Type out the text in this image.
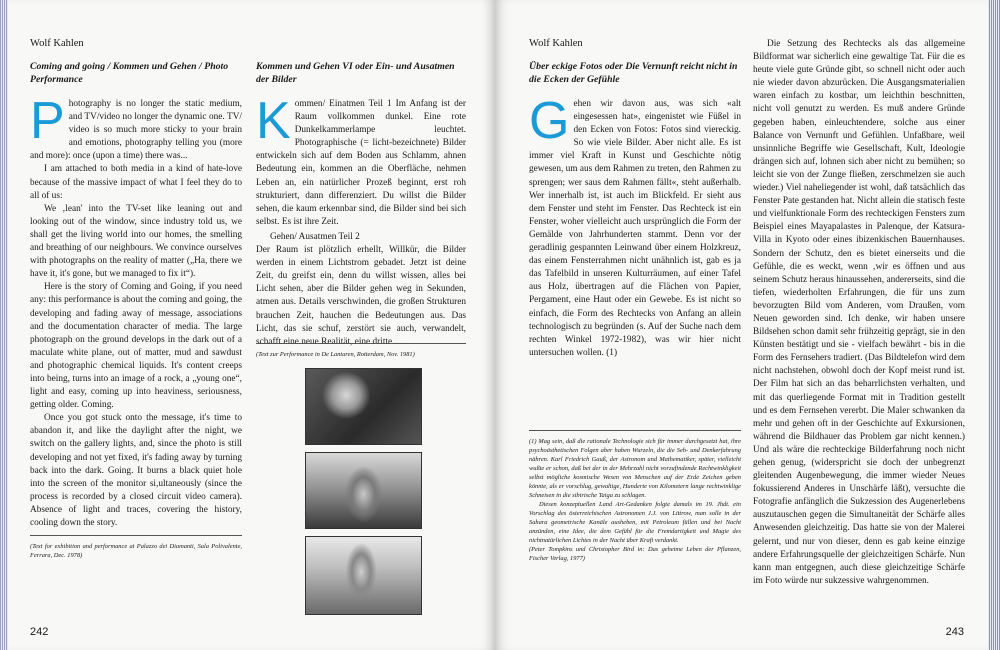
Wolf Kahlen

Coming and going / Kommen und Gehen / Photo Performance

P hotography is no longer the static medium, and TV/video no longer the dynamic one. TV/ video is so much more sticky to your brain and emotions, photography telling you (more and more): once (upon a time) there was...

I am attached to both media in a kind of hate-love because of the massive impact of what I feel they do to all of us:

We ‚lean' into the TV-set like leaning out and looking out of the window, since industry told us, we shall get the living world into our homes, the smelling and breathing of our neighbours. We convince ourselves with photographs on the reality of matter („Ha, there we have it, it's gone, but we managed to fix it“).

Here is the story of Coming and Going, if you need any: this performance is about the coming and going, the developing and fading away of message, associations and the documentation character of media. The large photograph on the ground develops in the dark out of a maculate white plane, out of matter, mud and sawdust and photographic chemical liquids. It's content creeps into being, turns into an image of a rock, a „young one“, light and easy, coming up into heaviness, seriousness, getting older. Coming.

Once you got stuck onto the message, it's time to abandon it, and like the daylight after the night, we switch on the gallery lights, and, since the photo is still developing and not yet fixed, it's fading away by turning back into the dark. Going. It burns a black quiet hole into the screen of the monitor si,ultaneously (since the process is recorded by a closed circuit video camera). Absence of light and traces, covering the history, cooling down the story.

(Text for exhibition and performance at Palazzo dei Diamanti, Sala Polivalente, Ferrara, Dec. 1978)

Kommen und Gehen VI oder Ein- und Ausatmen der Bilder

K ommen/ Einatmen Teil 1 Im Anfang ist der Raum vollkommen dunkel. Eine rote Dunkelkammerlampe leuchtet. Photographische (= licht-bezeichnete) Bilder entwickeln sich auf dem Boden aus Schlamm, ahnen Bedeutung ein, kommen an die Oberfläche, nehmen Leben an, ein natürlicher Prozeß beginnt, erst roh strukturiert, dann differenziert. Du willst die Bilder sehen, die kaum erkennbar sind, die Bilder sind bei sich selbst. Es ist ihre Zeit.

Gehen/ Ausatmen Teil 2

Der Raum ist plötzlich erhellt, Willkür, die Bilder werden in einem Lichtstrom gebadet. Jetzt ist deine Zeit, du greifst ein, denn du willst wissen, alles bei Licht sehen, aber die Bilder gehen weg in Sekunden, atmen aus. Details verschwinden, die großen Strukturen brauchen Zeit, hauchen die Bedeutungen aus. Das Licht, das sie schuf, zerstört sie auch, verwandelt, schafft eine neue Realität, eine dritte ...

(Text zur Performance in De Lantaren, Rotterdam, Nov. 1981)

242
Wolf Kahlen

Über eckige Fotos oder Die Vernunft reicht nicht in die Ecken der Gefühle

G ehen wir davon aus, was sich «alt eingesessen hat», eingenistet wie Füßel in den Ecken von Fotos: Fotos sind viereckig. So wie viele Bilder. Aber nicht alle. Es ist immer viel Kraft in Kunst und Geschichte nötig gewesen, um aus dem Rahmen zu treten, den Rahmen zu sprengen; wer saus dem Rahmen fällt«, steht außerhalb. Wer innerhalb ist, ist auch im Blickfeld. Er sieht aus dem Fenster und steht im Fenster. Das Rechteck ist ein Fenster, woher vielleicht auch ursprünglich die Form der Gemälde von Jahrhunderten stammt. Denn vor der geradlinig gespannten Leinwand über einem Holzkreuz, das einem Fensterrahmen nicht unähnlich ist, gab es ja das Tafelbild in unseren Kulturräumen, auf einer Tafel aus Holz, übertragen auf die Flächen von Papier, Pergament, eine Haut oder ein Gewebe. Es ist nicht so einfach, die Form des Rechtecks von Anfang an allein technologisch zu begründen (s. Auf der Suche nach dem rechten Winkel 1972-1982), was wir hier nicht untersuchen wollen. (1)

(1) Mag sein, daß die rationale Technologie sich für immer durchgesetzt hat, ihre psychoästhetischen Folgen aber haben Wurzeln, die die Seh- und Denkerfahrung nähren. Karl Friedrich Gauß, der Astronom und Mathematiker, später, vielleicht wußte er schon, daß bei der in der Mehrzahl nicht vorzufindende Rechtwinkligkeit selbst mögliche kosmische Wesen von Menschen auf der Erde Zeichen geben könnte, als er vorschlug, gewaltige, Hunderte von Kilometern lange rechtwinklige Schneisen in die sibirische Taiga zu schlagen.

Diesen konzeptuellen Land Art-Gedanken folgte damals im 19. Jhdt. ein Vorschlag des österreichischen Astronomen J.J. von Littrow, man solle in der Sahara geometrische Kanäle ausheben, mit Petroleum füllen und bei Nacht anzünden, eine Idee, die dem Gefühl für die Fremdartigkeit und Magie des nichtnatürlichen Lichtes in der Nacht über Kraft verdankt.

(Peter Tompkins und Christopher Bird in: Das geheime Leben der Pflanzen, Fischer Verlag, 1977)

Die Setzung des Rechtecks als das allgemeine Bildformat war sicherlich eine gewaltige Tat. Für die es heute viele gute Gründe gibt, so schnell nicht oder auch nie wieder davon abzurücken. Die Ausgangsmaterialien waren einfach zu kostbar, um leichthin beschnitten, nicht voll genutzt zu werden. Es muß andere Gründe gegeben haben, einleuchtendere, solche aus einer Balance von Vernunft und Gefühlen. Unfaßbare, weil unsinnliche Begriffe wie Gesellschaft, Kult, Ideologie drängen sich auf, lohnen sich aber nicht zu bemühen; so leicht sie von der Zunge fließen, zerschmelzen sie auch wieder.) Viel naheliegender ist wohl, daß tatsächlich das Fenster Pate gestanden hat. Nicht allein die statisch feste und vielfunktionale Form des rechteckigen Fensters zum Beispiel eines Mayapalastes in Palenque, der Katsura-Villa in Kyoto oder eines ibizenkischen Bauernhauses. Sondern der Schutz, den es bietet einerseits und die Gefühle, die es weckt, wenn ‚wir es öffnen und aus seinem Schutz heraus hinaussehen, andererseits, sind die tiefen, wiederholten Erfahrungen, die für uns zum bevorzugten Bild vom Anderen, vom Draußen, vom Neuen geworden sind. Ich denke, wir haben unsere Bildsehen schon damit sehr frühzeitig geprägt, sie in den Künsten bestätigt und sie - vielfach bewährt - bis in die Form des Fernsehers tradiert. (Das Bildtelefon wird dem nicht nachstehen, obwohl doch der Kopf meist rund ist. Der Film hat sich an das beharrlichsten verhalten, und mit das querliegende Format mit in Tradition gestellt und es dem Fernsehen vererbt. Die Maler schwanken da mehr und gehen oft in der Geschichte auf Exkursionen, während die Bildhauer das Problem gar nicht kennen.) Und als wäre die rechteckige Bilderfahrung noch nicht gehen genug, (widerspricht sie doch der unbegrenzt gleitenden Augenbewegung, die immer wieder Neues fokussierend Anderes in Unschärfe läßt), versuchte die Fotografie anfänglich die Sukzession des Augenerlebens auszutauschen gegen die Simultaneität der Schärfe alles Anwesenden gleichzeitig. Das hatte sie von der Malerei gelernt, und nur von dieser, denn es gab keine einzige andere Erfahrungsquelle der gleichzeitigen Schärfe. Nun kann man entgegnen, auch diese gleichzeitige Schärfe im Foto würde nur sukzessive wahrgenommen.

243
